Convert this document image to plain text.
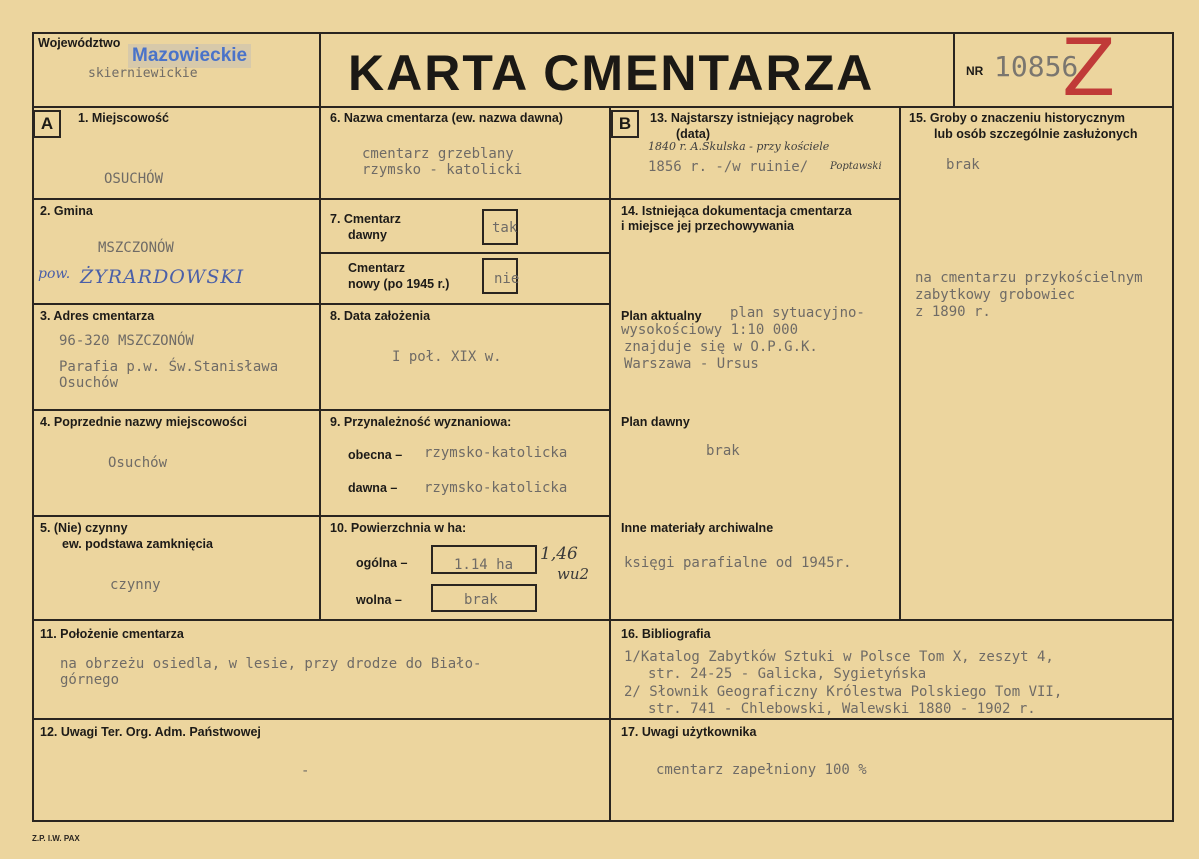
Województwo
Mazowieckie
skierniewickie	KARTA CMENTARZA	NR 10856
Z
A	B
1. Miejscowość
OSUCHÓW
2. Gmina
MSZCZONÓW
pow. ŻYRARDOWSKI
3. Adres cmentarza
96-320 MSZCZONÓW
Parafia p.w. Św.Stanisława
Osuchów
4. Poprzednie nazwy miejscowości
Osuchów
5. (Nie) czynny
ew. podstawa zamknięcia
czynny
6. Nazwa cmentarza (ew. nazwa dawna)
cmentarz grzeblany
rzymsko - katolicki
7. Cmentarz
dawny	tak
Cmentarz
nowy (po 1945 r.)	nie
8. Data założenia
I poł. XIX w.
9. Przynależność wyznaniowa:
obecna – rzymsko-katolicka
dawna – rzymsko-katolicka
10. Powierzchnia w ha:
ogólna –	1.14 ha
1,46
wu2
wolna –	brak
11. Położenie cmentarza
na obrzeżu osiedla, w lesie, przy drodze do Biało-
górnego
12. Uwagi Ter. Org. Adm. Państwowej
-
13. Najstarszy istniejący nagrobek
(data)
1840 r. A.Skulska - przy kościele
1856 r. -/w ruinie/ Poptawski
14. Istniejąca dokumentacja cmentarza
i miejsce jej przechowywania
Plan aktualny plan sytuacyjno-
wysokościowy 1:10 000
znajduje się w O.P.G.K.
Warszawa - Ursus
Plan dawny
brak
Inne materiały archiwalne
księgi parafialne od 1945r.
15. Groby o znaczeniu historycznym
lub osób szczególnie zasłużonych
brak
na cmentarzu przykościelnym
zabytkowy grobowiec
z 1890 r.
16. Bibliografia
1/Katalog Zabytków Sztuki w Polsce Tom X, zeszyt 4,
str. 24-25 - Galicka, Sygietyńska
2/ Słownik Geograficzny Królestwa Polskiego Tom VII,
str. 741 - Chlebowski, Walewski 1880 - 1902 r.
17. Uwagi użytkownika
cmentarz zapełniony 100 %
Z.P. I.W. PAX
